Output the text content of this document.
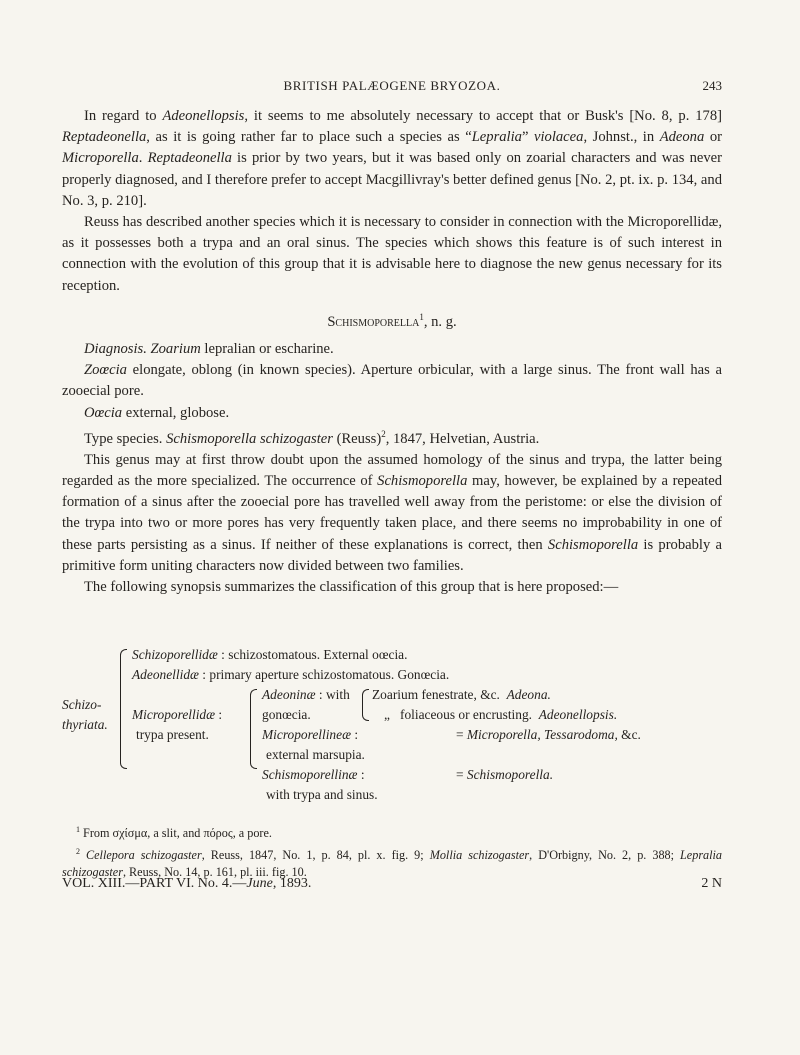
BRITISH PALÆOGENE BRYOZOA.	243

In regard to Adeonellopsis, it seems to me absolutely necessary to accept that or Busk's [No. 8, p. 178] Reptadeonella, as it is going rather far to place such a species as “Lepralia” violacea, Johnst., in Adeona or Microporella. Reptadeonella is prior by two years, but it was based only on zoarial characters and was never properly diagnosed, and I therefore prefer to accept Macgillivray's better defined genus [No. 2, pt. ix. p. 134, and No. 3, p. 210].

Reuss has described another species which it is necessary to consider in connection with the Microporellidæ, as it possesses both a trypa and an oral sinus. The species which shows this feature is of such interest in connection with the evolution of this group that it is advisable here to diagnose the new genus necessary for its reception.

Schismoporella$^1$, n. g.

Diagnosis. Zoarium lepralian or escharine.

Zoœcia elongate, oblong (in known species). Aperture orbicular, with a large sinus. The front wall has a zooecial pore.

Oœcia external, globose.

Type species. Schismoporella schizogaster (Reuss)$^2$, 1847, Helvetian, Austria.

This genus may at first throw doubt upon the assumed homology of the sinus and trypa, the latter being regarded as the more specialized. The occurrence of Schismoporella may, however, be explained by a repeated formation of a sinus after the zooecial pore has travelled well away from the peristome: or else the division of the trypa into two or more pores has very frequently taken place, and there seems no improbability in one of these parts persisting as a sinus. If neither of these explanations is correct, then Schismoporella is probably a primitive form uniting characters now divided between two families.

The following synopsis summarizes the classification of this group that is here proposed:—

Schizo-
thyriata.
Schizoporellidæ : schizostomatous. External oœcia.
Adeonellidæ : primary aperture schizostomatous. Gonœcia.
Microporellidæ :
trypa present.
Adeoninæ : with
gonœcia.
Microporellineæ :
external marsupia.
Schismoporellinæ :
with trypa and sinus.
Zoarium fenestrate, &c. Adeona.
„ foliaceous or encrusting. Adeonellopsis.
= Microporella, Tessarodoma, &c.
= Schismoporella.

$^1$ From σχίσμα, a slit, and πόρος, a pore.

$^2$ Cellepora schizogaster, Reuss, 1847, No. 1, p. 84, pl. x. fig. 9; Mollia schizogaster, D'Orbigny, No. 2, p. 388; Lepralia schizogaster, Reuss, No. 14, p. 161, pl. iii. fig. 10.

VOL. XIII.—PART VI. No. 4.—June, 1893.	2 N
